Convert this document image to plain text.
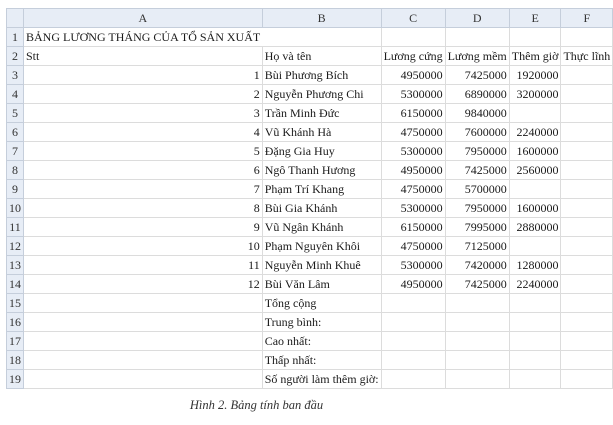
	A	B	C	D	E	F
1	BẢNG LƯƠNG THÁNG CỦA TỔ SẢN XUẤT					
2	Stt	Họ và tên	Lương cứng	Lương mềm	Thêm giờ	Thực lĩnh
3	1	Bùi Phương Bích	4950000	7425000	1920000	
4	2	Nguyễn Phương Chi	5300000	6890000	3200000	
5	3	Trần Minh Đức	6150000	9840000		
6	4	Vũ Khánh Hà	4750000	7600000	2240000	
7	5	Đặng Gia Huy	5300000	7950000	1600000	
8	6	Ngô Thanh Hương	4950000	7425000	2560000	
9	7	Phạm Trí Khang	4750000	5700000		
10	8	Bùi Gia Khánh	5300000	7950000	1600000	
11	9	Vũ Ngân Khánh	6150000	7995000	2880000	
12	10	Phạm Nguyên Khôi	4750000	7125000		
13	11	Nguyễn Minh Khuê	5300000	7420000	1280000	
14	12	Bùi Văn Lâm	4950000	7425000	2240000	
15		Tổng cộng				
16		Trung bình:				
17		Cao nhất:				
18		Thấp nhất:				
19		Số người làm thêm giờ:				
Hình 2. Bảng tính ban đầu
